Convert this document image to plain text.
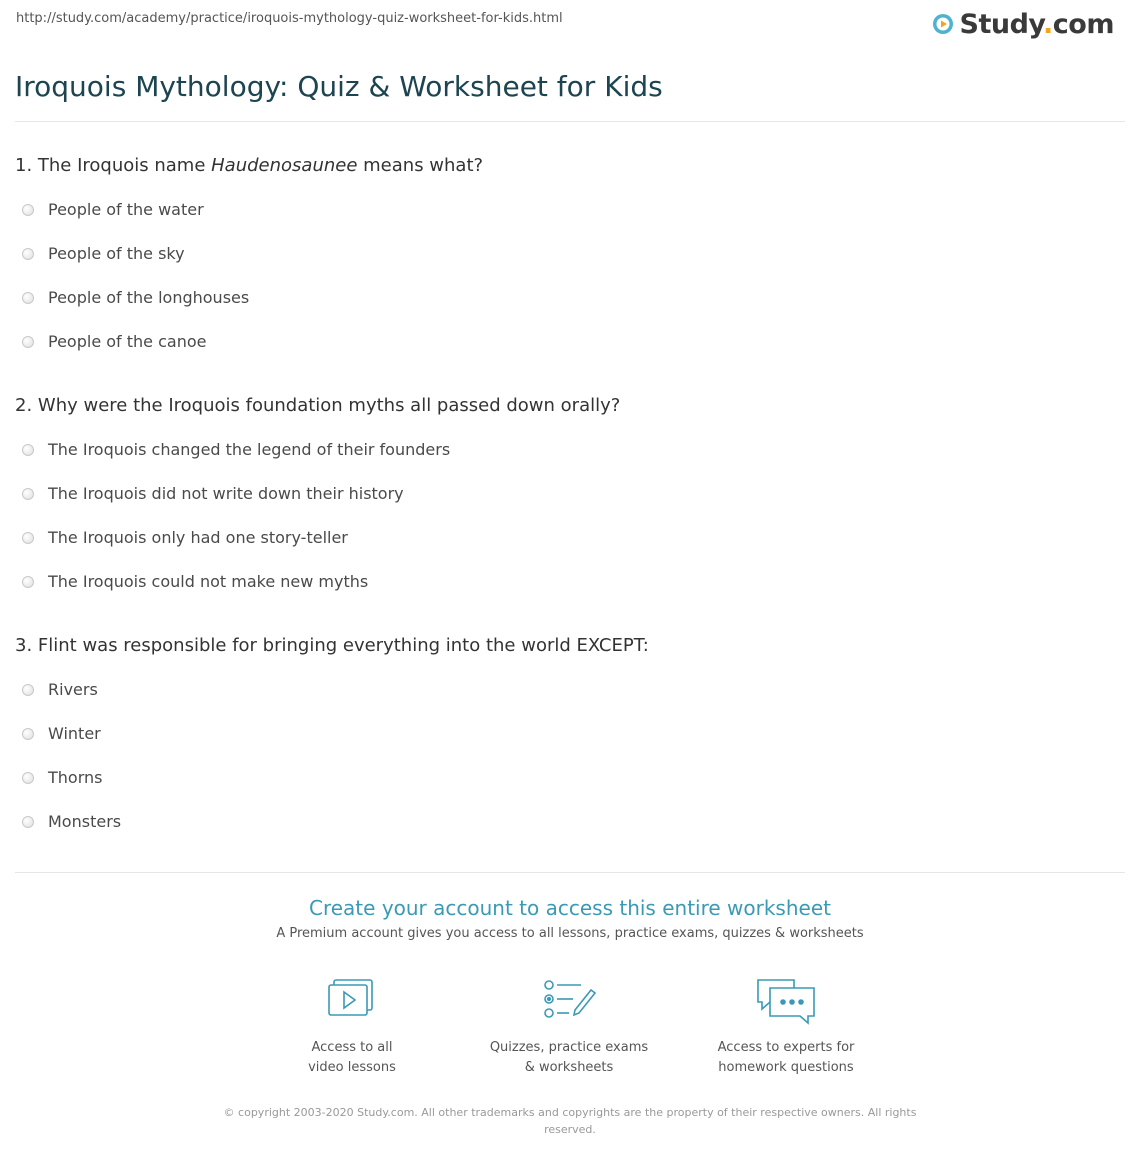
http://study.com/academy/practice/iroquois-mythology-quiz-worksheet-for-kids.html	Study.com
Iroquois Mythology: Quiz & Worksheet for Kids
1. The Iroquois name Haudenosaunee means what?
People of the water
People of the sky
People of the longhouses
People of the canoe
2. Why were the Iroquois foundation myths all passed down orally?
The Iroquois changed the legend of their founders
The Iroquois did not write down their history
The Iroquois only had one story-teller
The Iroquois could not make new myths
3. Flint was responsible for bringing everything into the world EXCEPT:
Rivers
Winter
Thorns
Monsters
Create your account to access this entire worksheet
A Premium account gives you access to all lessons, practice exams, quizzes & worksheets
Access to all
video lessons
Quizzes, practice exams
& worksheets
Access to experts for
homework questions
© copyright 2003-2020 Study.com. All other trademarks and copyrights are the property of their respective owners. All rights
reserved.
